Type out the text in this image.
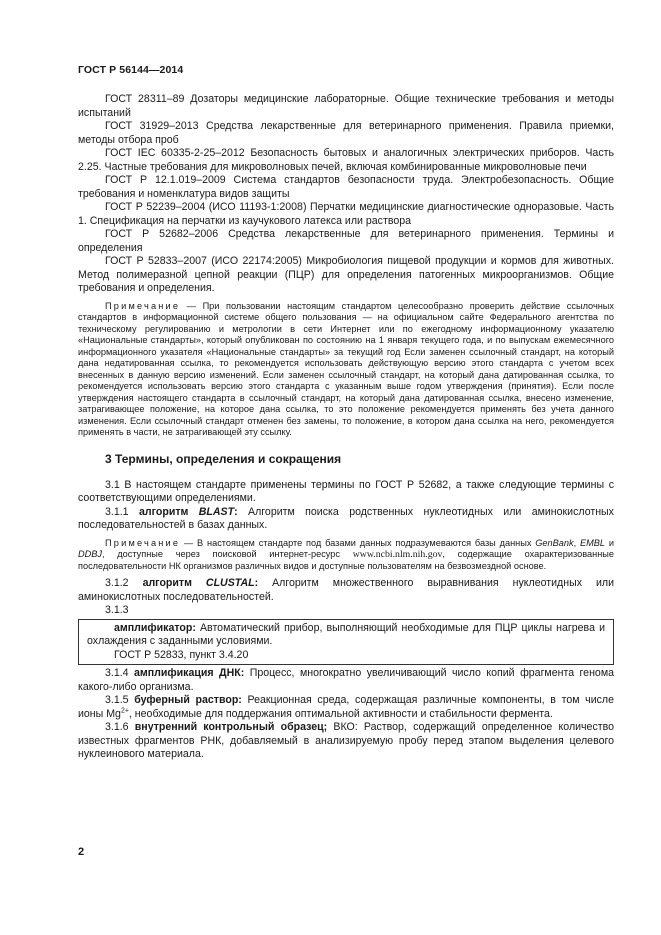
ГОСТ Р 56144—2014

ГОСТ 28311–89 Дозаторы медицинские лабораторные. Общие технические требования и методы испытаний

ГОСТ 31929–2013 Средства лекарственные для ветеринарного применения. Правила приемки, методы отбора проб

ГОСТ IEC 60335-2-25–2012 Безопасность бытовых и аналогичных электрических приборов. Часть 2.25. Частные требования для микроволновых печей, включая комбинированные микроволновые печи

ГОСТ Р 12.1.019–2009 Система стандартов безопасности труда. Электробезопасность. Общие требования и номенклатура видов защиты

ГОСТ Р 52239–2004 (ИСО 11193-1:2008) Перчатки медицинские диагностические одноразовые. Часть 1. Спецификация на перчатки из каучукового латекса или раствора

ГОСТ Р 52682–2006 Средства лекарственные для ветеринарного применения. Термины и определения

ГОСТ Р 52833–2007 (ИСО 22174:2005) Микробиология пищевой продукции и кормов для животных. Метод полимеразной цепной реакции (ПЦР) для определения патогенных микроорганизмов. Общие требования и определения.

Примечание — При пользовании настоящим стандартом целесообразно проверить действие ссылочных стандартов в информационной системе общего пользования — на официальном сайте Федерального агентства по техническому регулированию и метрологии в сети Интернет или по ежегодному информационному указателю «Национальные стандарты», который опубликован по состоянию на 1 января текущего года, и по выпускам ежемесячного информационного указателя «Национальные стандарты» за текущий год Если заменен ссылочный стандарт, на который дана недатированная ссылка, то рекомендуется использовать действующую версию этого стандарта с учетом всех внесенных в данную версию изменений. Если заменен ссылочный стандарт, на который дана датированная ссылка, то рекомендуется использовать версию этого стандарта с указанным выше годом утверждения (принятия). Если после утверждения настоящего стандарта в ссылочный стандарт, на который дана датированная ссылка, внесено изменение, затрагивающее положение, на которое дана ссылка, то это положение рекомендуется применять без учета данного изменения. Если ссылочный стандарт отменен без замены, то положение, в котором дана ссылка на него, рекомендуется применять в части, не затрагивающей эту ссылку.

3 Термины, определения и сокращения

3.1 В настоящем стандарте применены термины по ГОСТ Р 52682, а также следующие термины с соответствующими определениями.

3.1.1 алгоритм BLAST: Алгоритм поиска родственных нуклеотидных или аминокислотных последовательностей в базах данных.

Примечание — В настоящем стандарте под базами данных подразумеваются базы данных GenBank, EMBL и DDBJ, доступные через поисковой интернет-ресурс www.ncbi.nlm.nih.gov, содержащие охарактеризованные последовательности НК организмов различных видов и доступные пользователям на безвозмездной основе.

3.1.2 алгоритм CLUSTAL: Алгоритм множественного выравнивания нуклеотидных или аминокислотных последовательностей.

3.1.3

амплификатор: Автоматический прибор, выполняющий необходимые для ПЦР циклы нагрева и охлаждения с заданными условиями.

ГОСТ Р 52833, пункт 3.4.20

3.1.4 амплификация ДНК: Процесс, многократно увеличивающий число копий фрагмента генома какого-либо организма.

3.1.5 буферный раствор: Реакционная среда, содержащая различные компоненты, в том числе ионы $Mg^{2+}$, необходимые для поддержания оптимальной активности и стабильности фермента.

3.1.6 внутренний контрольный образец; ВКО: Раствор, содержащий определенное количество известных фрагментов РНК, добавляемый в анализируемую пробу перед этапом выделения целевого нуклеинового материала.

2
